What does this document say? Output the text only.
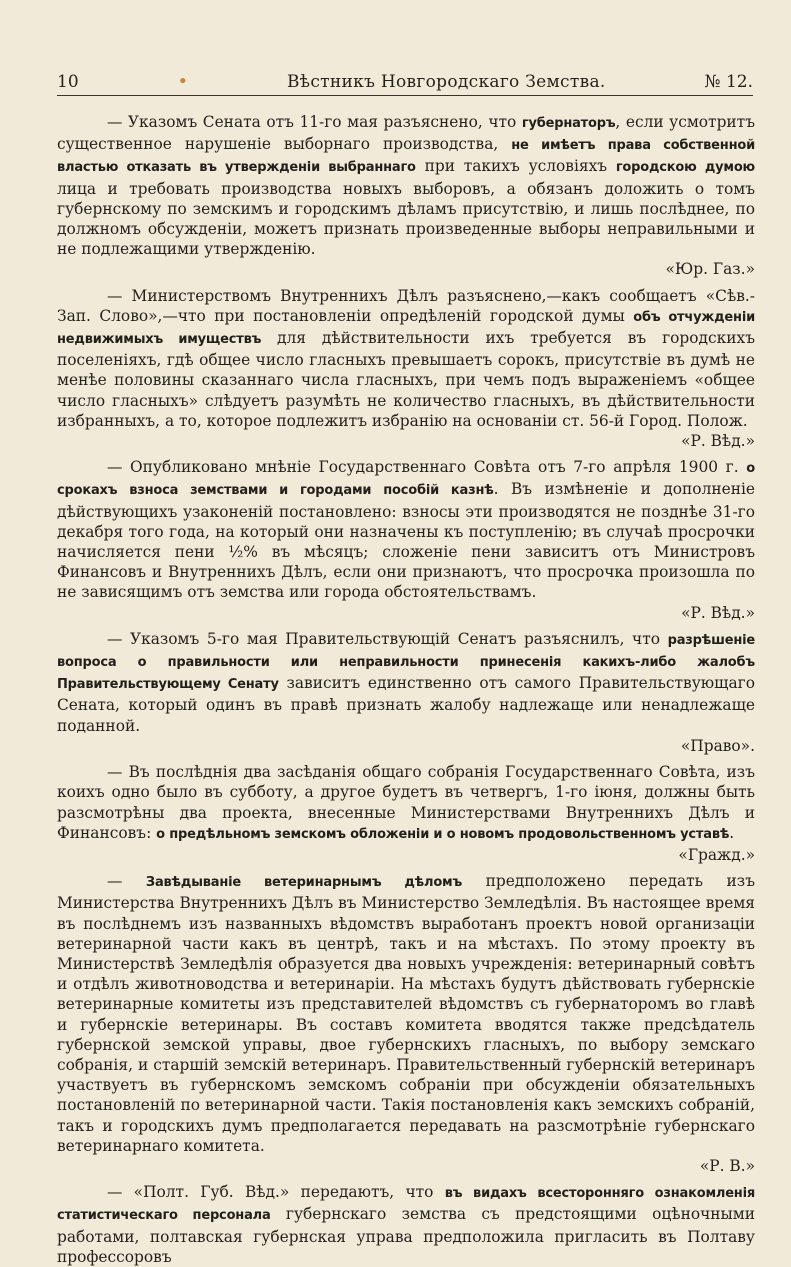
10	•	Вѣстникъ Новгородскаго Земства.	№ 12.

— Указомъ Сената отъ 11-го мая разъяснено, что губернаторъ, если усмотритъ существенное нарушеніе выборнаго производства, не имѣетъ права собственной властью отказать въ утвержденіи выбраннаго при такихъ условіяхъ городскою думою лица и требовать производства новыхъ выборовъ, а обязанъ доложить о томъ губернскому по земскимъ и городскимъ дѣламъ присутствію, и лишь послѣднее, по должномъ обсужденіи, можетъ признать произведенные выборы неправильными и не подлежащими утвержденію.
«Юр. Газ.»

— Министерствомъ Внутреннихъ Дѣлъ разъяснено,—какъ сообщаетъ «Сѣв.-Зап. Слово»,—что при постановленіи опредѣленій городской думы объ отчужденіи недвижимыхъ имуществъ для дѣйствительности ихъ требуется въ городскихъ поселеніяхъ, гдѣ общее число гласныхъ превышаетъ сорокъ, присутствіе въ думѣ не менѣе половины сказаннаго числа гласныхъ, при чемъ подъ выраженіемъ «общее число гласныхъ» слѣдуетъ разумѣть не количество гласныхъ, въ дѣйствительности избранныхъ, а то, которое подлежитъ избранію на основаніи ст. 56-й Город. Полож.
«Р. Вѣд.»

— Опубликовано мнѣніе Государственнаго Совѣта отъ 7-го апрѣля 1900 г. о срокахъ взноса земствами и городами пособій казнѣ. Въ измѣненіе и дополненіе дѣйствующихъ узаконеній постановлено: взносы эти производятся не позднѣе 31-го декабря того года, на который они назначены къ поступленію; въ случаѣ просрочки начисляется пени ½% въ мѣсяцъ; сложеніе пени зависитъ отъ Министровъ Финансовъ и Внутреннихъ Дѣлъ, если они признаютъ, что просрочка произошла по не зависящимъ отъ земства или города обстоятельствамъ.
«Р. Вѣд.»

— Указомъ 5-го мая Правительствующій Сенатъ разъяснилъ, что разрѣшеніе вопроса о правильности или неправильности принесенія какихъ-либо жалобъ Правительствующему Сенату зависитъ единственно отъ самого Правительствующаго Сената, который одинъ въ правѣ признать жалобу надлежаще или ненадлежаще поданной.
«Право».

— Въ послѣднія два засѣданія общаго собранія Государственнаго Совѣта, изъ коихъ одно было въ субботу, а другое будетъ въ четвергъ, 1-го іюня, должны быть разсмотрѣны два проекта, внесенные Министерствами Внутреннихъ Дѣлъ и Финансовъ: о предѣльномъ земскомъ обложеніи и о новомъ продовольственномъ уставѣ.
«Гражд.»

— Завѣдываніе ветеринарнымъ дѣломъ предположено передать изъ Министерства Внутреннихъ Дѣлъ въ Министерство Земледѣлія. Въ настоящее время въ послѣднемъ изъ названныхъ вѣдомствъ выработанъ проектъ новой организаціи ветеринарной части какъ въ центрѣ, такъ и на мѣстахъ. По этому проекту въ Министерствѣ Земледѣлія образуется два новыхъ учрежденія: ветеринарный совѣтъ и отдѣлъ животноводства и ветеринаріи. На мѣстахъ будутъ дѣйствовать губернскіе ветеринарные комитеты изъ представителей вѣдомствъ съ губернаторомъ во главѣ и губернскіе ветеринары. Въ составъ комитета вводятся также предсѣдатель губернской земской управы, двое губернскихъ гласныхъ, по выбору земскаго собранія, и старшій земскій ветеринаръ. Правительственный губернскій ветеринаръ участвуетъ въ губернскомъ земскомъ собраніи при обсужденіи обязательныхъ постановленій по ветеринарной части. Такія постановленія какъ земскихъ собраній, такъ и городскихъ думъ предполагается передавать на разсмотрѣніе губернскаго ветеринарнаго комитета.
«Р. В.»

— «Полт. Губ. Вѣд.» передаютъ, что въ видахъ всесторонняго ознакомленія статистическаго персонала губернскаго земства съ предстоящими оцѣночными работами, полтавская губернская управа предположила пригласить въ Полтаву профессоровъ
